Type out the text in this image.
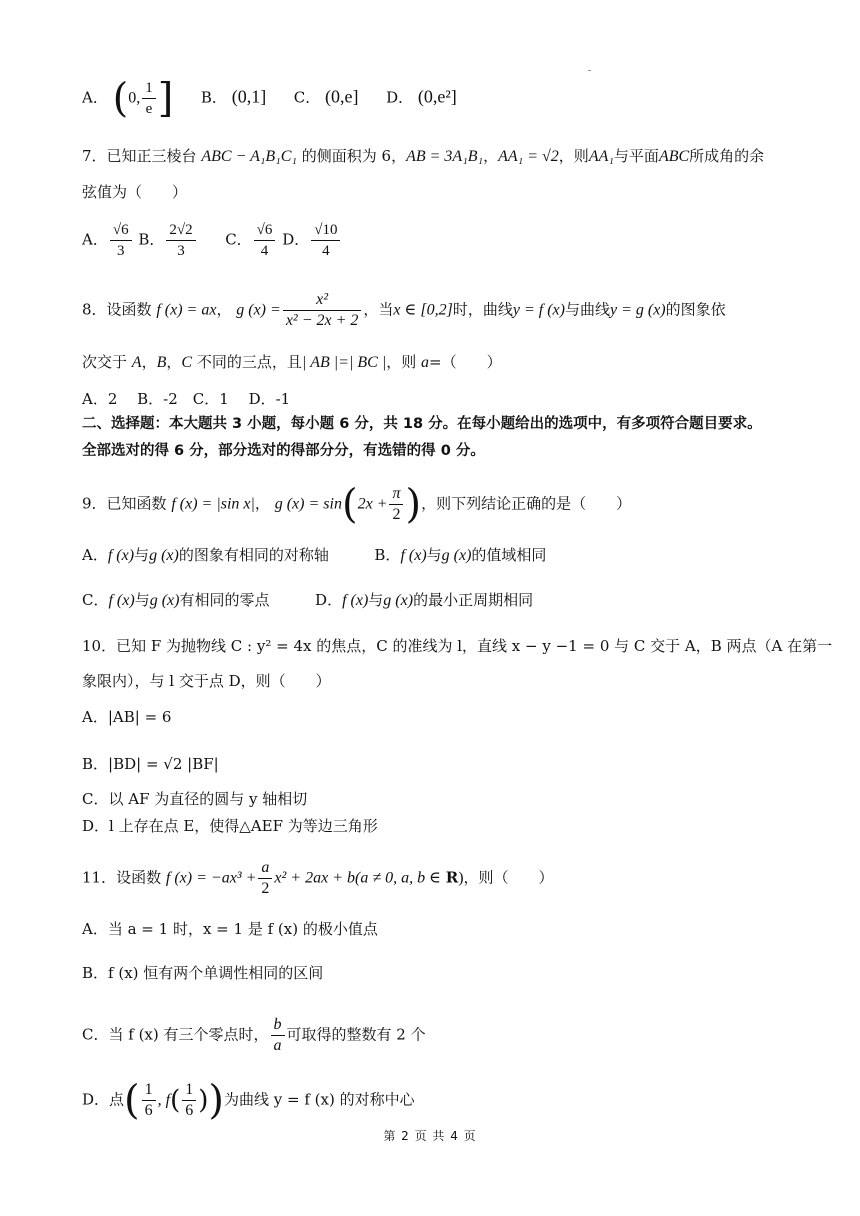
A． (0, $\frac{1}{e}$ ] B． (0,1] C． (0,e] D． (0,e²]
7．已知正三棱台 ABC − A₁B₁C₁ 的侧面积为 6，AB = 3A₁B₁，AA₁ = √2，则AA₁与平面ABC所成角的余
弦值为（　　）
A． $\frac{√6}{3}$ B． $\frac{2√2}{3}$ C． $\frac{√6}{4}$ D． $\frac{√10}{4}$
8．设函数 f (x) = ax， g $(x) = \frac{\text{x²}}{\text{x² − 2x + 2}}$ ，当x ∈ [0,2]时，曲线y = f (x)与曲线y = g (x)的图象依
次交于 A，B，C 不同的三点，且| AB |=| BC |，则 a=（　　）
A．2　 B．-2　C．1　 D．-1
二、选择题：本大题共 3 小题，每小题 6 分，共 18 分。在每小题给出的选项中，有多项符合题目要求。
全部选对的得 6 分，部分选对的得部分分，有选错的得 0 分。
9．已知函数 f (x) = |sin x|， g $(x) = \sin(2x + \frac{\pi}{2}$ )，则下列结论正确的是（　　）
A．f (x)与g (x)的图象有相同的对称轴	B．f (x)与g (x)的值域相同
C．f (x)与g (x)有相同的零点	D．f (x)与g (x)的最小正周期相同
10．已知 F 为抛物线 C : y² = 4x 的焦点，C 的准线为 l，直线 x − y −1 = 0 与 C 交于 A，B 两点（A 在第一
象限内），与 l 交于点 D，则（　　）
A．|AB| = 6
B．|BD| = √2 |BF|
C．以 AF 为直径的圆与 y 轴相切
D．l 上存在点 E，使得△AEF 为等边三角形
11．设函数 f $(x) = -ax^3 + \frac{a}{2} x^2 + 2ax + b(a \ne 0$, a, b ∈ R)，则（　　）
A．当 a = 1 时，x = 1 是 f (x) 的极小值点
B．f (x) 恒有两个单调性相同的区间
C．当 f (x) 有三个零点时， $\frac{b}{a}$ 可取得的整数有 2 个
D．点( $\frac{1}{6}$ , $f( \frac{1}{6}$ ))为曲线 y = f (x) 的对称中心
第 2 页 共 4 页
